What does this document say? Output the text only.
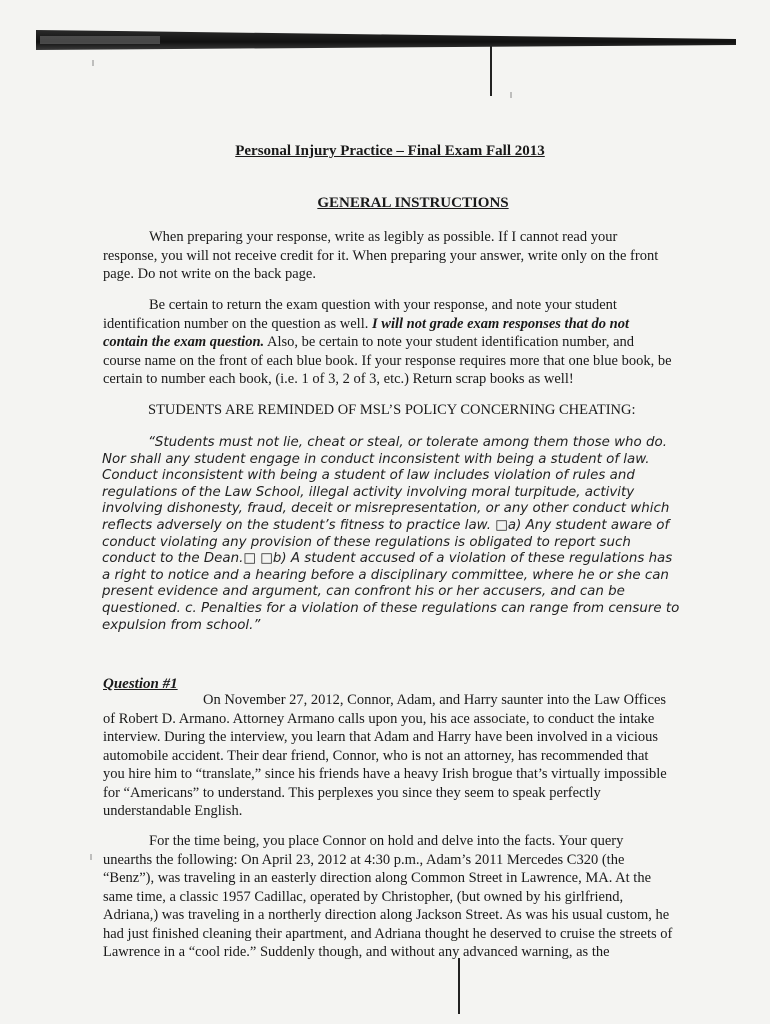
Personal Injury Practice – Final Exam Fall 2013
GENERAL INSTRUCTIONS

When preparing your response, write as legibly as possible. If I cannot read your response, you will not receive credit for it. When preparing your answer, write only on the front page. Do not write on the back page.

Be certain to return the exam question with your response, and note your student identification number on the question as well. I will not grade exam responses that do not contain the exam question. Also, be certain to note your student identification number, and course name on the front of each blue book. If your response requires more that one blue book, be certain to number each book, (i.e. 1 of 3, 2 of 3, etc.) Return scrap books as well!

STUDENTS ARE REMINDED OF MSL’S POLICY CONCERNING CHEATING:

“Students must not lie, cheat or steal, or tolerate among them those who do. Nor shall any student engage in conduct inconsistent with being a student of law. Conduct inconsistent with being a student of law includes violation of rules and regulations of the Law School, illegal activity involving moral turpitude, activity involving dishonesty, fraud, deceit or misrepresentation, or any other conduct which reflects adversely on the student’s fitness to practice law. □a) Any student aware of conduct violating any provision of these regulations is obligated to report such conduct to the Dean.□ □b) A student accused of a violation of these regulations has a right to notice and a hearing before a disciplinary committee, where he or she can present evidence and argument, can confront his or her accusers, and can be questioned. c. Penalties for a violation of these regulations can range from censure to expulsion from school.”

Question #1

On November 27, 2012, Connor, Adam, and Harry saunter into the Law Offices of Robert D. Armano. Attorney Armano calls upon you, his ace associate, to conduct the intake interview. During the interview, you learn that Adam and Harry have been involved in a vicious automobile accident. Their dear friend, Connor, who is not an attorney, has recommended that you hire him to “translate,” since his friends have a heavy Irish brogue that’s virtually impossible for “Americans” to understand. This perplexes you since they seem to speak perfectly understandable English.

For the time being, you place Connor on hold and delve into the facts. Your query unearths the following: On April 23, 2012 at 4:30 p.m., Adam’s 2011 Mercedes C320 (the “Benz”), was traveling in an easterly direction along Common Street in Lawrence, MA. At the same time, a classic 1957 Cadillac, operated by Christopher, (but owned by his girlfriend, Adriana,) was traveling in a northerly direction along Jackson Street. As was his usual custom, he had just finished cleaning their apartment, and Adriana thought he deserved to cruise the streets of Lawrence in a “cool ride.” Suddenly though, and without any advanced warning, as the
